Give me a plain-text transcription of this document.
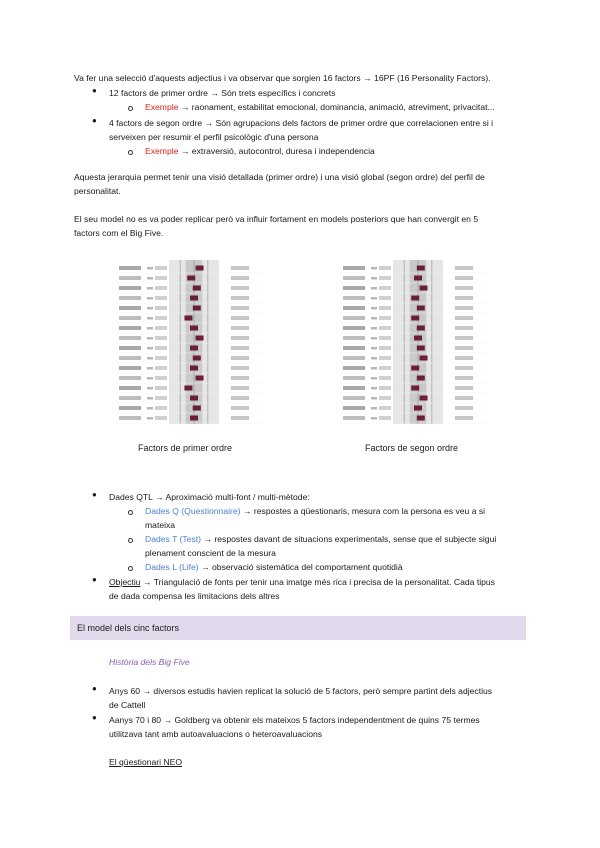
Va fer una selecció d'aquests adjectius i va observar que sorgien 16 factors → 16PF (16 Personality Factors).
● 12 factors de primer ordre → Són trets específics i concrets
Exemple → raonament, estabilitat emocional, dominancia, animació, atreviment, privacitat...
● 4 factors de segon ordre → Són agrupacions dels factors de primer ordre que correlacionen entre si i
serveixen per resumir el perfil psicològic d'una persona
Exemple → extraversió, autocontrol, duresa i independencia
Aquesta jerarquia permet tenir una visió detallada (primer ordre) i una visió global (segon ordre) del perfil de
personalitat.
El seu model no es va poder replicar però va influir fortament en models posteriors que han convergit en 5
factors com el Big Five.
Factors de primer ordre	Factors de segon ordre
● Dades QTL → Aproximació multi-font / multi-mètode:
Dades Q (Questionnaire) → respostes a qüestionaris, mesura com la persona es veu a si
mateixa
Dades T (Test) → respostes davant de situacions experimentals, sense que el subjecte sigui
plenament conscient de la mesura
Dades L (Life) → observació sistemàtica del comportament quotidià
● Objectiu → Triangulació de fonts per tenir una imatge més rica i precisa de la personalitat. Cada tipus
de dada compensa les limitacions dels altres
El model dels cinc factors
Història dels Big Five
● Anys 60 → diversos estudis havien replicat la solució de 5 factors, però sempre partint dels adjectius
de Cattell
● Aanys 70 i 80 → Goldberg va obtenir els mateixos 5 factors independentment de quins 75 termes
utilitzava tant amb autoavaluacions o heteroavaluacions
El qüestionari NEO
